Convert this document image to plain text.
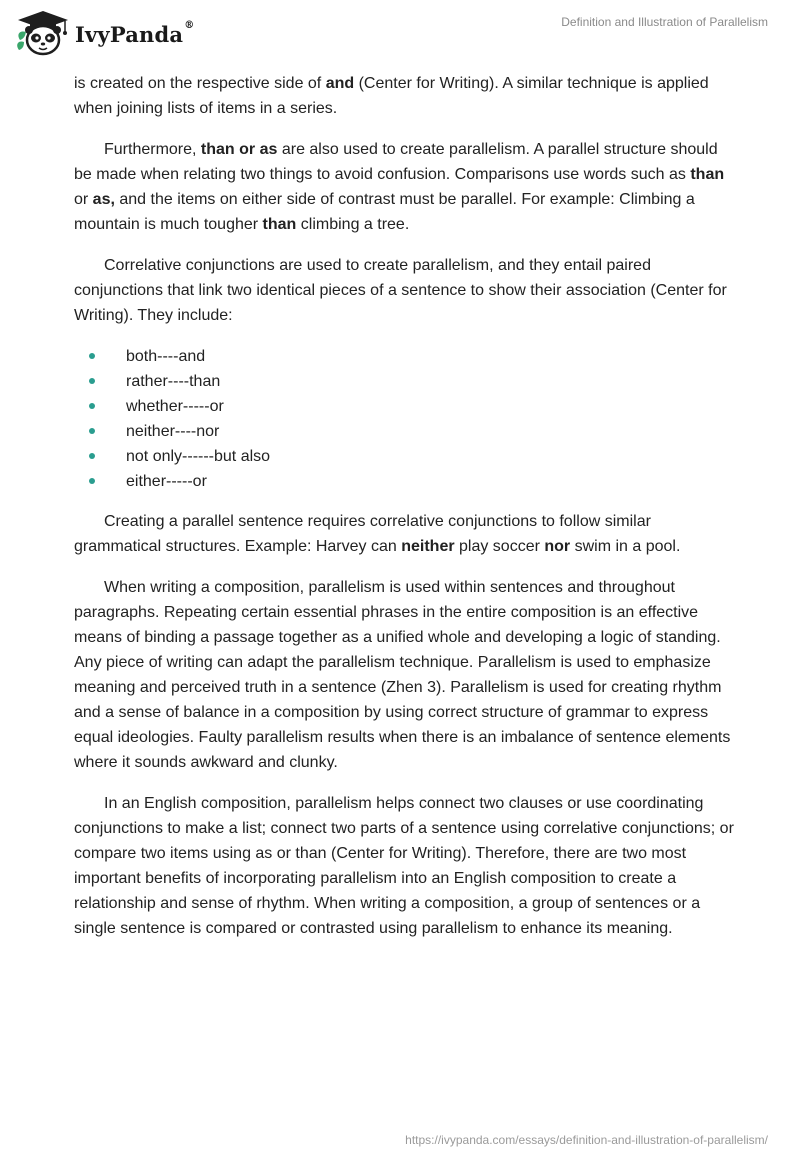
IvyPanda®	Definition and Illustration of Parallelism

is created on the respective side of and (Center for Writing). A similar technique is applied when joining lists of items in a series.

Furthermore, than or as are also used to create parallelism. A parallel structure should be made when relating two things to avoid confusion. Comparisons use words such as than or as, and the items on either side of contrast must be parallel. For example: Climbing a mountain is much tougher than climbing a tree.

Correlative conjunctions are used to create parallelism, and they entail paired conjunctions that link two identical pieces of a sentence to show their association (Center for Writing). They include:

both----and
rather----than
whether-----or
neither----nor
not only------but also
either-----or

Creating a parallel sentence requires correlative conjunctions to follow similar grammatical structures. Example: Harvey can neither play soccer nor swim in a pool.

When writing a composition, parallelism is used within sentences and throughout paragraphs. Repeating certain essential phrases in the entire composition is an effective means of binding a passage together as a unified whole and developing a logic of standing. Any piece of writing can adapt the parallelism technique. Parallelism is used to emphasize meaning and perceived truth in a sentence (Zhen 3). Parallelism is used for creating rhythm and a sense of balance in a composition by using correct structure of grammar to express equal ideologies. Faulty parallelism results when there is an imbalance of sentence elements where it sounds awkward and clunky.

In an English composition, parallelism helps connect two clauses or use coordinating conjunctions to make a list; connect two parts of a sentence using correlative conjunctions; or compare two items using as or than (Center for Writing). Therefore, there are two most important benefits of incorporating parallelism into an English composition to create a relationship and sense of rhythm. When writing a composition, a group of sentences or a single sentence is compared or contrasted using parallelism to enhance its meaning.

https://ivypanda.com/essays/definition-and-illustration-of-parallelism/
